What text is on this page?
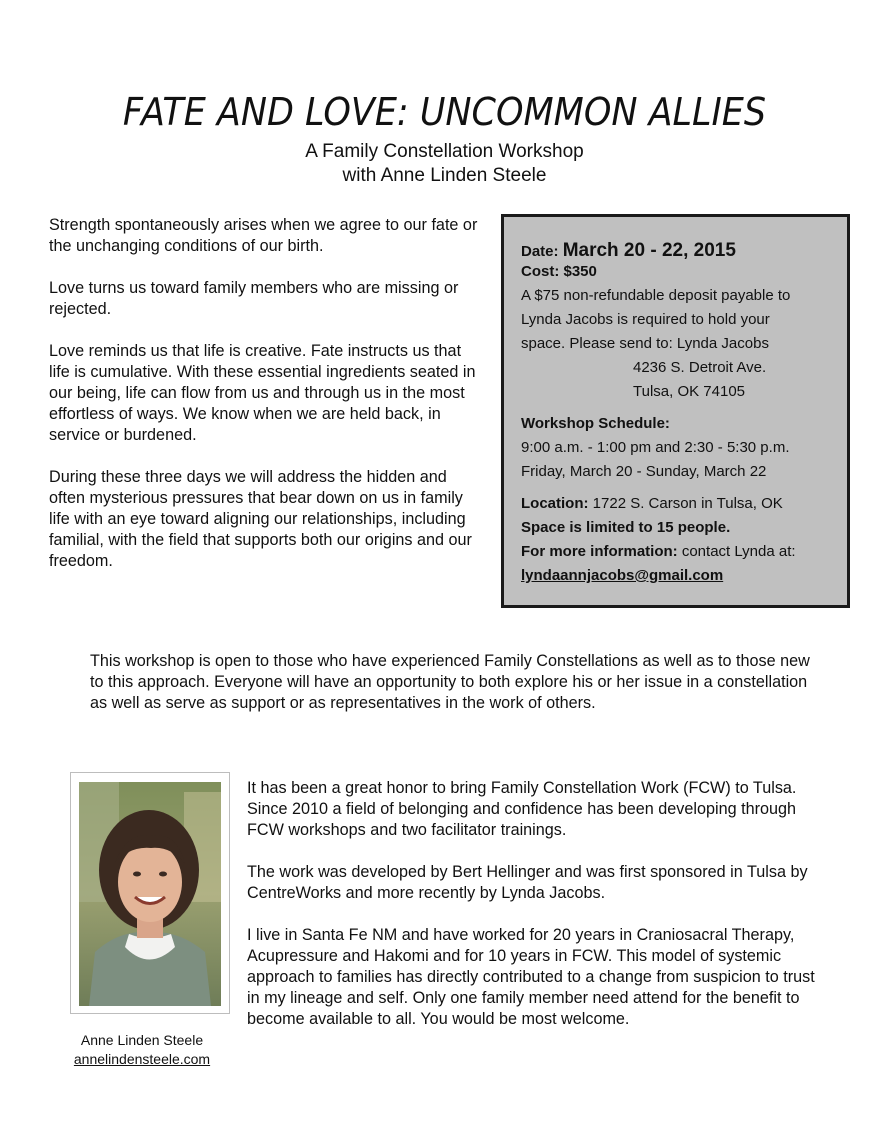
FATE AND LOVE: UNCOMMON ALLIES
A Family Constellation Workshop
with Anne Linden Steele

Strength spontaneously arises when we agree to our fate or the unchanging conditions of our birth.

Love turns us toward family members who are missing or rejected.

Love reminds us that life is creative. Fate instructs us that life is cumulative. With these essential ingredients seated in our being, life can flow from us and through us in the most effortless of ways. We know when we are held back, in service or burdened.

During these three days we will address the hidden and often mysterious pressures that bear down on us in family life with an eye toward aligning our relationships, including familial, with the field that supports both our origins and our freedom.

Date: March 20 - 22, 2015
Cost: $350
A $75 non-refundable deposit payable to
Lynda Jacobs is required to hold your
space. Please send to: Lynda Jacobs
4236 S. Detroit Ave.
Tulsa, OK 74105
Workshop Schedule:
9:00 a.m. - 1:00 pm and 2:30 - 5:30 p.m.
Friday, March 20 - Sunday, March 22
Location: 1722 S. Carson in Tulsa, OK
Space is limited to 15 people.
For more information: contact Lynda at:
lyndaannjacobs@gmail.com
This workshop is open to those who have experienced Family Constellations as well as to those new to this approach. Everyone will have an opportunity to both explore his or her issue in a constellation as well as serve as support or as representatives in the work of others.
Anne Linden Steele
annelindensteele.com

It has been a great honor to bring Family Constellation Work (FCW) to Tulsa. Since 2010 a field of belonging and confidence has been developing through FCW workshops and two facilitator trainings.

The work was developed by Bert Hellinger and was first sponsored in Tulsa by CentreWorks and more recently by Lynda Jacobs.

I live in Santa Fe NM and have worked for 20 years in Craniosacral Therapy, Acupressure and Hakomi and for 10 years in FCW. This model of systemic approach to families has directly contributed to a change from suspicion to trust in my lineage and self. Only one family member need attend for the benefit to become available to all. You would be most welcome.
